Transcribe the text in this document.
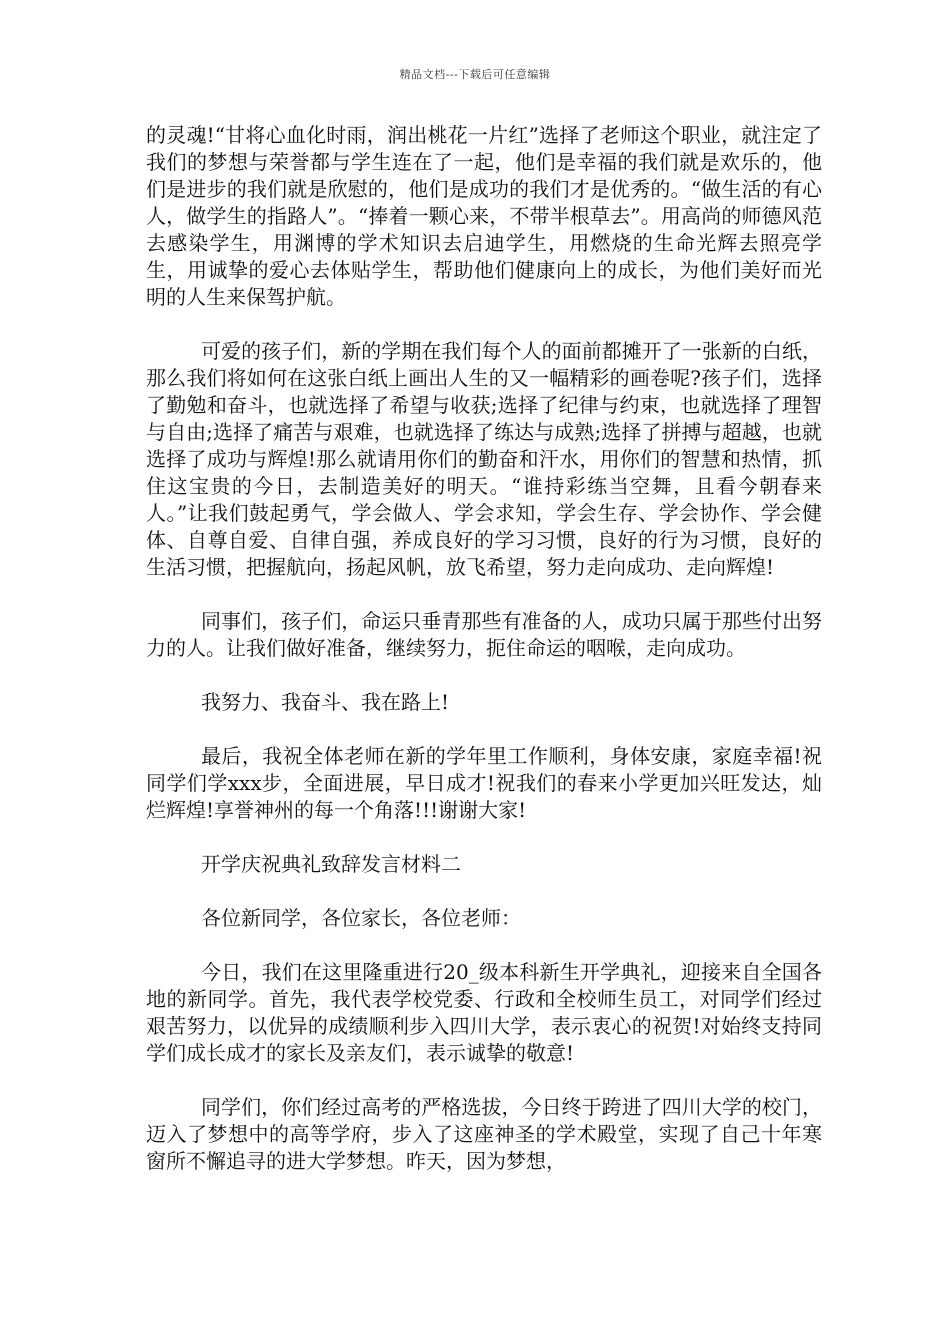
精品文档---下载后可任意编辑

的灵魂!“甘将心血化时雨，润出桃花一片红”选择了老师这个职业，就注定了我们的梦想与荣誉都与学生连在了一起，他们是幸福的我们就是欢乐的，他们是进步的我们就是欣慰的，他们是成功的我们才是优秀的。“做生活的有心人，做学生的指路人”。“捧着一颗心来，不带半根草去”。用高尚的师德风范去感染学生，用渊博的学术知识去启迪学生，用燃烧的生命光辉去照亮学生，用诚挚的爱心去体贴学生，帮助他们健康向上的成长，为他们美好而光明的人生来保驾护航。

可爱的孩子们，新的学期在我们每个人的面前都摊开了一张新的白纸，那么我们将如何在这张白纸上画出人生的又一幅精彩的画卷呢?孩子们，选择了勤勉和奋斗，也就选择了希望与收获;选择了纪律与约束，也就选择了理智与自由;选择了痛苦与艰难，也就选择了练达与成熟;选择了拼搏与超越，也就选择了成功与辉煌!那么就请用你们的勤奋和汗水，用你们的智慧和热情，抓住这宝贵的今日，去制造美好的明天。“谁持彩练当空舞，且看今朝春来人。”让我们鼓起勇气，学会做人、学会求知，学会生存、学会协作、学会健体、自尊自爱、自律自强，养成良好的学习习惯，良好的行为习惯，良好的生活习惯，把握航向，扬起风帆，放飞希望，努力走向成功、走向辉煌!

同事们，孩子们，命运只垂青那些有准备的人，成功只属于那些付出努力的人。让我们做好准备，继续努力，扼住命运的咽喉，走向成功。

我努力、我奋斗、我在路上!

最后，我祝全体老师在新的学年里工作顺利，身体安康，家庭幸福!祝同学们学xxx步，全面进展，早日成才!祝我们的春来小学更加兴旺发达，灿烂辉煌!享誉神州的每一个角落!!!谢谢大家!

开学庆祝典礼致辞发言材料二

各位新同学，各位家长，各位老师：

今日，我们在这里隆重进行20_级本科新生开学典礼，迎接来自全国各地的新同学。首先，我代表学校党委、行政和全校师生员工，对同学们经过艰苦努力，以优异的成绩顺利步入四川大学，表示衷心的祝贺!对始终支持同学们成长成才的家长及亲友们，表示诚挚的敬意!

同学们，你们经过高考的严格选拔，今日终于跨进了四川大学的校门，迈入了梦想中的高等学府，步入了这座神圣的学术殿堂，实现了自己十年寒窗所不懈追寻的进大学梦想。昨天，因为梦想，
